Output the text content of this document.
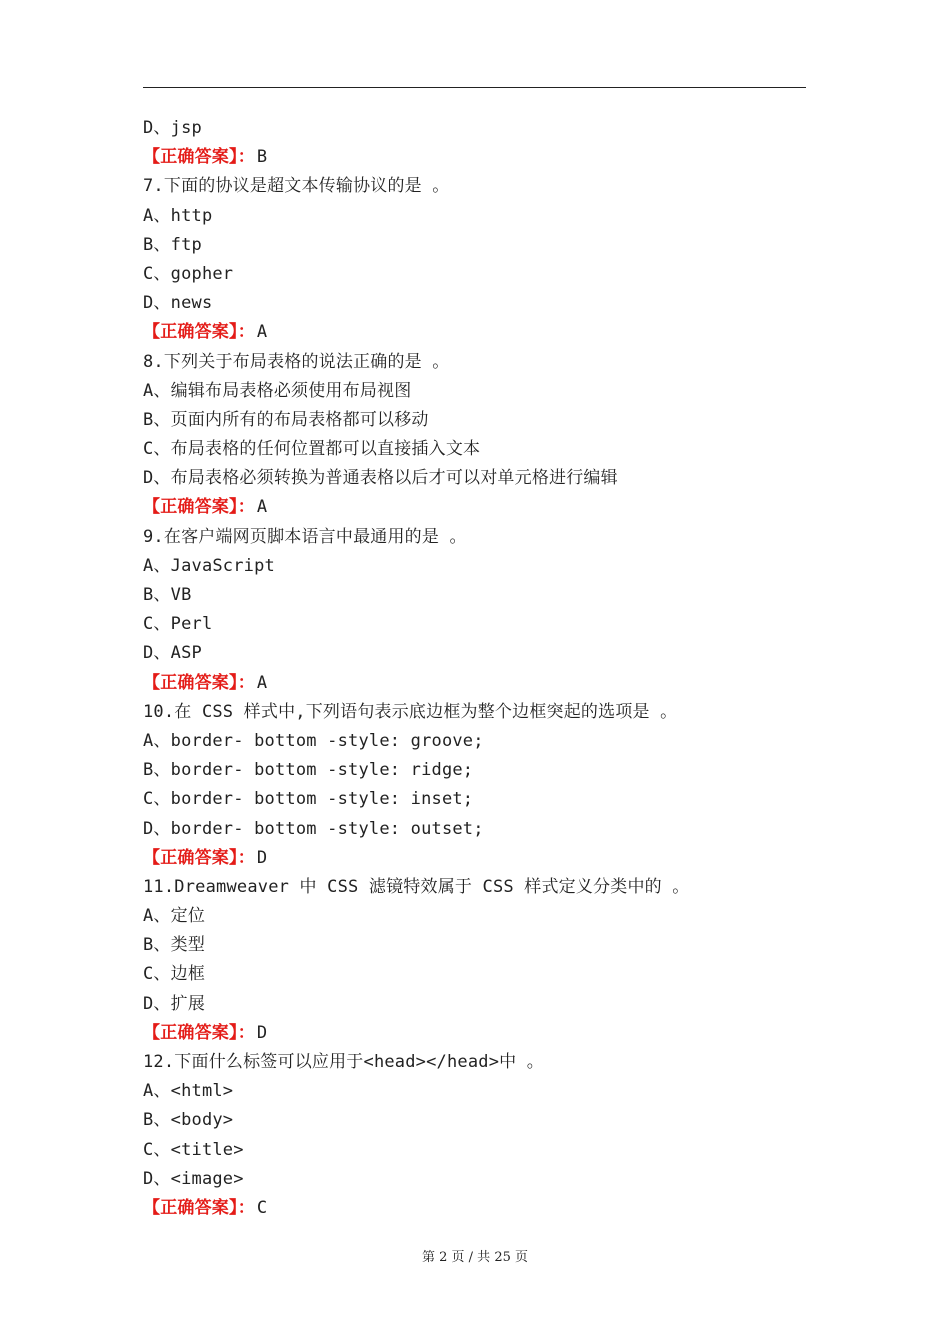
D、jsp
【正确答案】： B
7.下面的协议是超文本传输协议的是 。
A、http
B、ftp
C、gopher
D、news
【正确答案】： A
8.下列关于布局表格的说法正确的是 。
A、编辑布局表格必须使用布局视图
B、页面内所有的布局表格都可以移动
C、布局表格的任何位置都可以直接插入文本
D、布局表格必须转换为普通表格以后才可以对单元格进行编辑
【正确答案】： A
9.在客户端网页脚本语言中最通用的是 。
A、JavaScript
B、VB
C、Perl
D、ASP
【正确答案】： A
10.在 CSS 样式中,下列语句表示底边框为整个边框突起的选项是 。
A、border- bottom -style: groove;
B、border- bottom -style: ridge;
C、border- bottom -style: inset;
D、border- bottom -style: outset;
【正确答案】： D
11.Dreamweaver 中 CSS 滤镜特效属于 CSS 样式定义分类中的 。
A、定位
B、类型
C、边框
D、扩展
【正确答案】： D
12.下面什么标签可以应用于<head></head>中 。
A、<html>
B、<body>
C、<title>
D、<image>
【正确答案】： C
第 2 页 / 共 25 页
